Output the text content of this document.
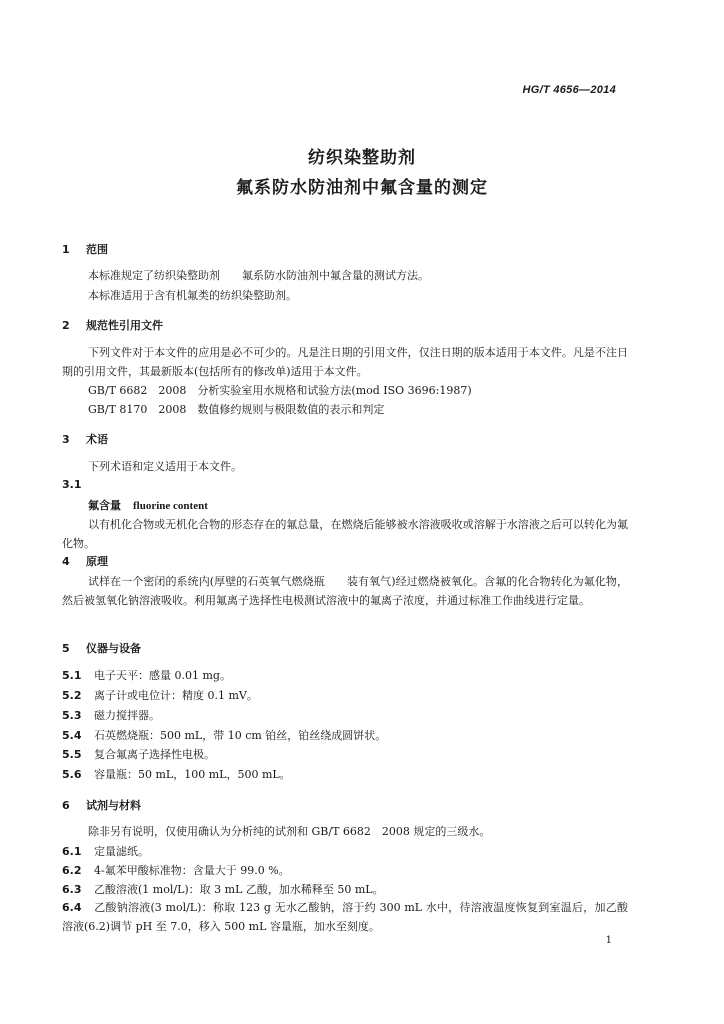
HG/T 4656—2014
纺织染整助剂
氟系防水防油剂中氟含量的测定
1 范围
本标准规定了纺织染整助剂　　氟系防水防油剂中氟含量的测试方法。
本标准适用于含有机氟类的纺织染整助剂。
2 规范性引用文件
下列文件对于本文件的应用是必不可少的。凡是注日期的引用文件，仅注日期的版本适用于本文件。凡是不注日期的引用文件，其最新版本(包括所有的修改单)适用于本文件。
GB/T 6682　2008　分析实验室用水规格和试验方法(mod ISO 3696:1987)
GB/T 8170　2008　数值修约规则与极限数值的表示和判定
3 术语
下列术语和定义适用于本文件。
3.1
氟含量 fluorine content
以有机化合物或无机化合物的形态存在的氟总量，在燃烧后能够被水溶液吸收或溶解于水溶液之后可以转化为氟化物。
4 原理
试样在一个密闭的系统内(厚壁的石英氧气燃烧瓶　　装有氧气)经过燃烧被氧化。含氟的化合物转化为氟化物，然后被氢氧化钠溶液吸收。利用氟离子选择性电极测试溶液中的氟离子浓度，并通过标准工作曲线进行定量。
5 仪器与设备
5.1 电子天平：感量 0.01 mg。
5.2 离子计或电位计：精度 0.1 mV。
5.3 磁力搅拌器。
5.4 石英燃烧瓶：500 mL，带 10 cm 铂丝，铂丝绕成圆饼状。
5.5 复合氟离子选择性电极。
5.6 容量瓶：50 mL，100 mL，500 mL。
6 试剂与材料
除非另有说明，仅使用确认为分析纯的试剂和 GB/T 6682　2008 规定的三级水。
6.1 定量滤纸。
6.2 4-氟苯甲酸标准物：含量大于 99.0 %。
6.3 乙酸溶液(1 mol/L)：取 3 mL 乙酸，加水稀释至 50 mL。
6.4 乙酸钠溶液(3 mol/L)：称取 123 g 无水乙酸钠，溶于约 300 mL 水中，待溶液温度恢复到室温后，加乙酸溶液(6.2)调节 pH 至 7.0，移入 500 mL 容量瓶，加水至刻度。
1
